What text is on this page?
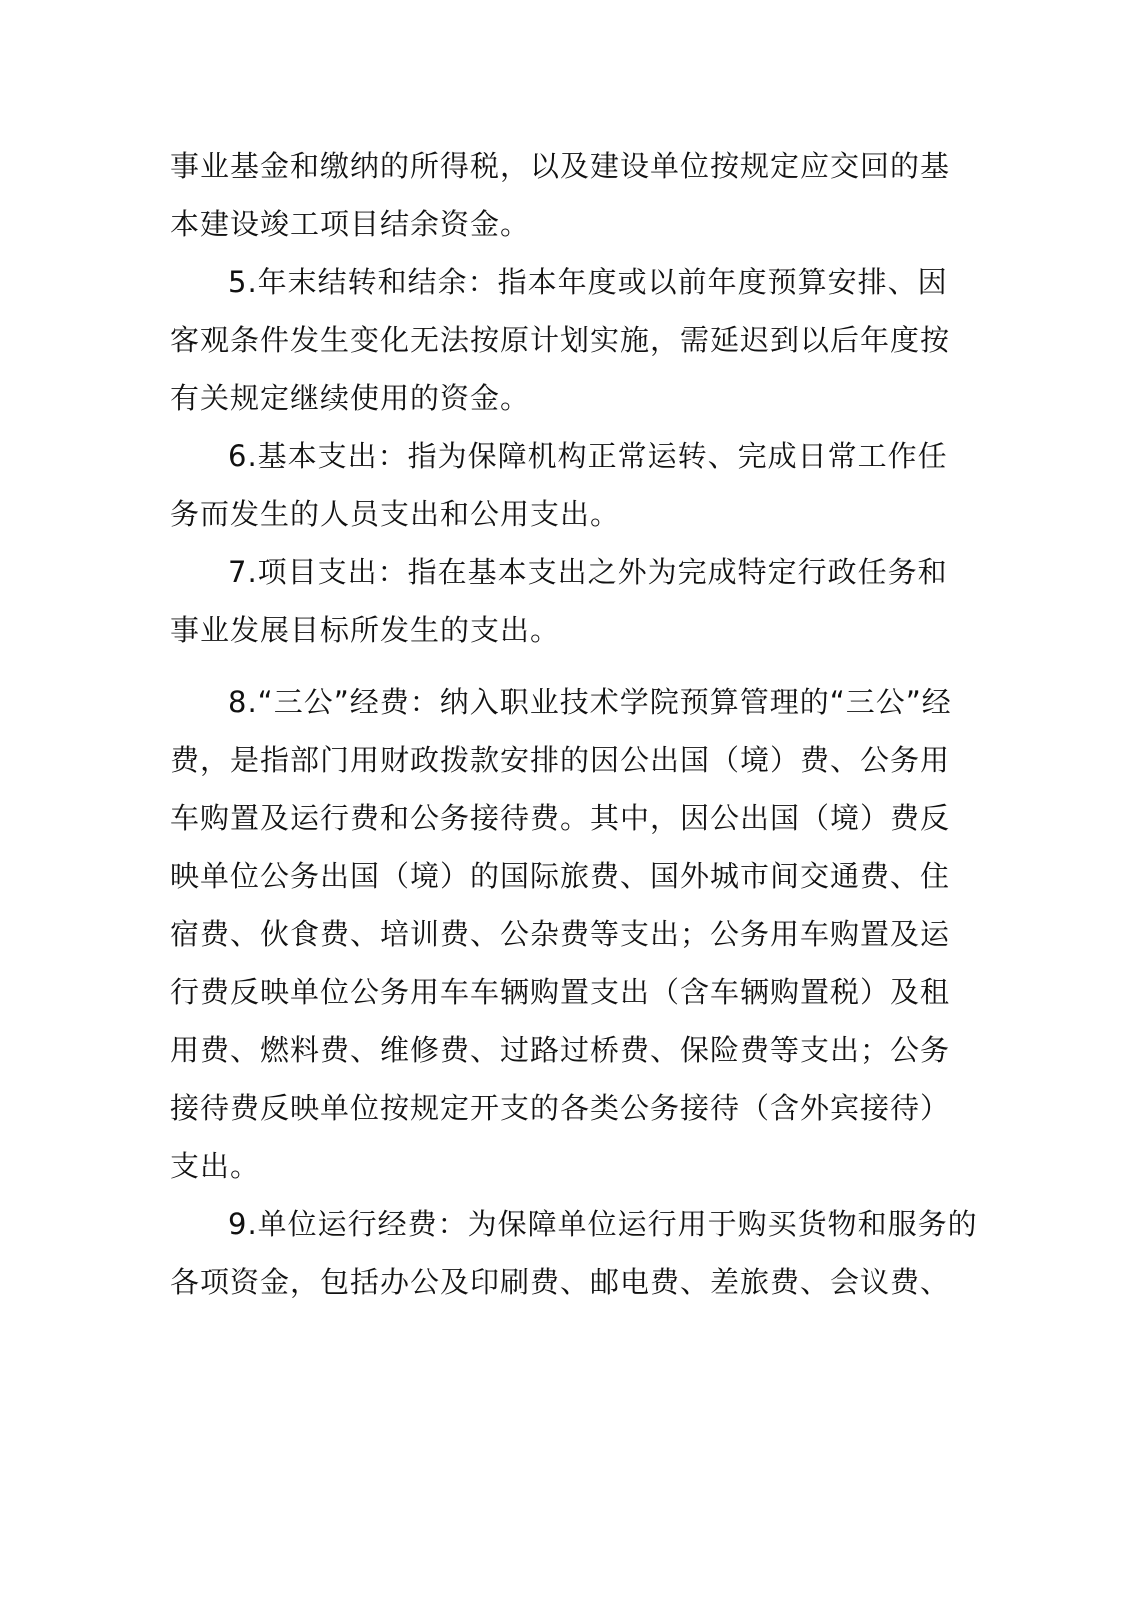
事业基金和缴纳的所得税，以及建设单位按规定应交回的基
本建设竣工项目结余资金。
5.年末结转和结余：指本年度或以前年度预算安排、因
客观条件发生变化无法按原计划实施，需延迟到以后年度按
有关规定继续使用的资金。
6.基本支出：指为保障机构正常运转、完成日常工作任
务而发生的人员支出和公用支出。
7.项目支出：指在基本支出之外为完成特定行政任务和
事业发展目标所发生的支出。
8.“三公”经费：纳入职业技术学院预算管理的“三公”经
费，是指部门用财政拨款安排的因公出国（境）费、公务用
车购置及运行费和公务接待费。其中，因公出国（境）费反
映单位公务出国（境）的国际旅费、国外城市间交通费、住
宿费、伙食费、培训费、公杂费等支出；公务用车购置及运
行费反映单位公务用车车辆购置支出（含车辆购置税）及租
用费、燃料费、维修费、过路过桥费、保险费等支出；公务
接待费反映单位按规定开支的各类公务接待（含外宾接待）
支出。
9.单位运行经费：为保障单位运行用于购买货物和服务的
各项资金，包括办公及印刷费、邮电费、差旅费、会议费、
